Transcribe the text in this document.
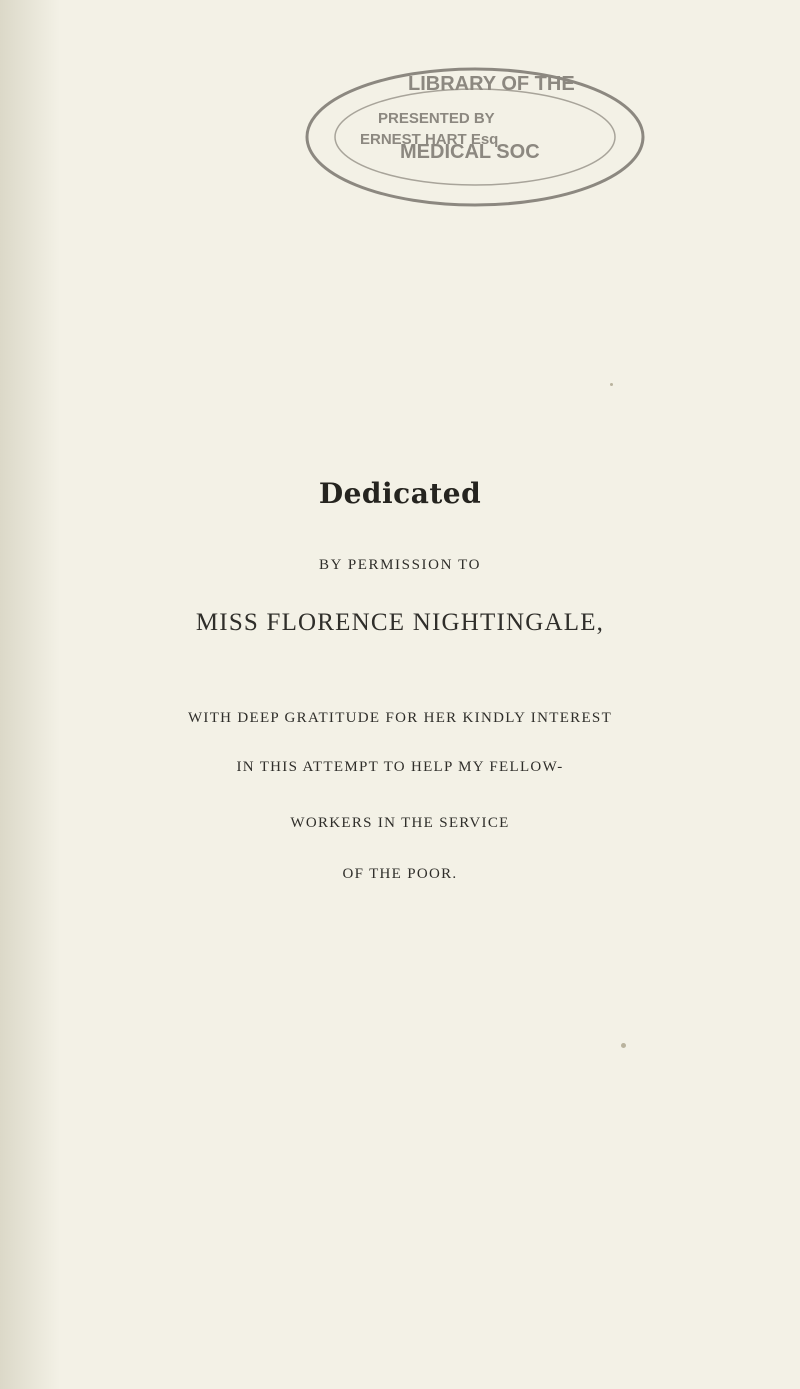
LIBRARY OF THE
MEDICAL SOC
PRESENTED BY
ERNEST HART Esq
Dedicated
BY PERMISSION TO
MISS FLORENCE NIGHTINGALE,
WITH DEEP GRATITUDE FOR HER KINDLY INTEREST
IN THIS ATTEMPT TO HELP MY FELLOW-
WORKERS IN THE SERVICE
OF THE POOR.
